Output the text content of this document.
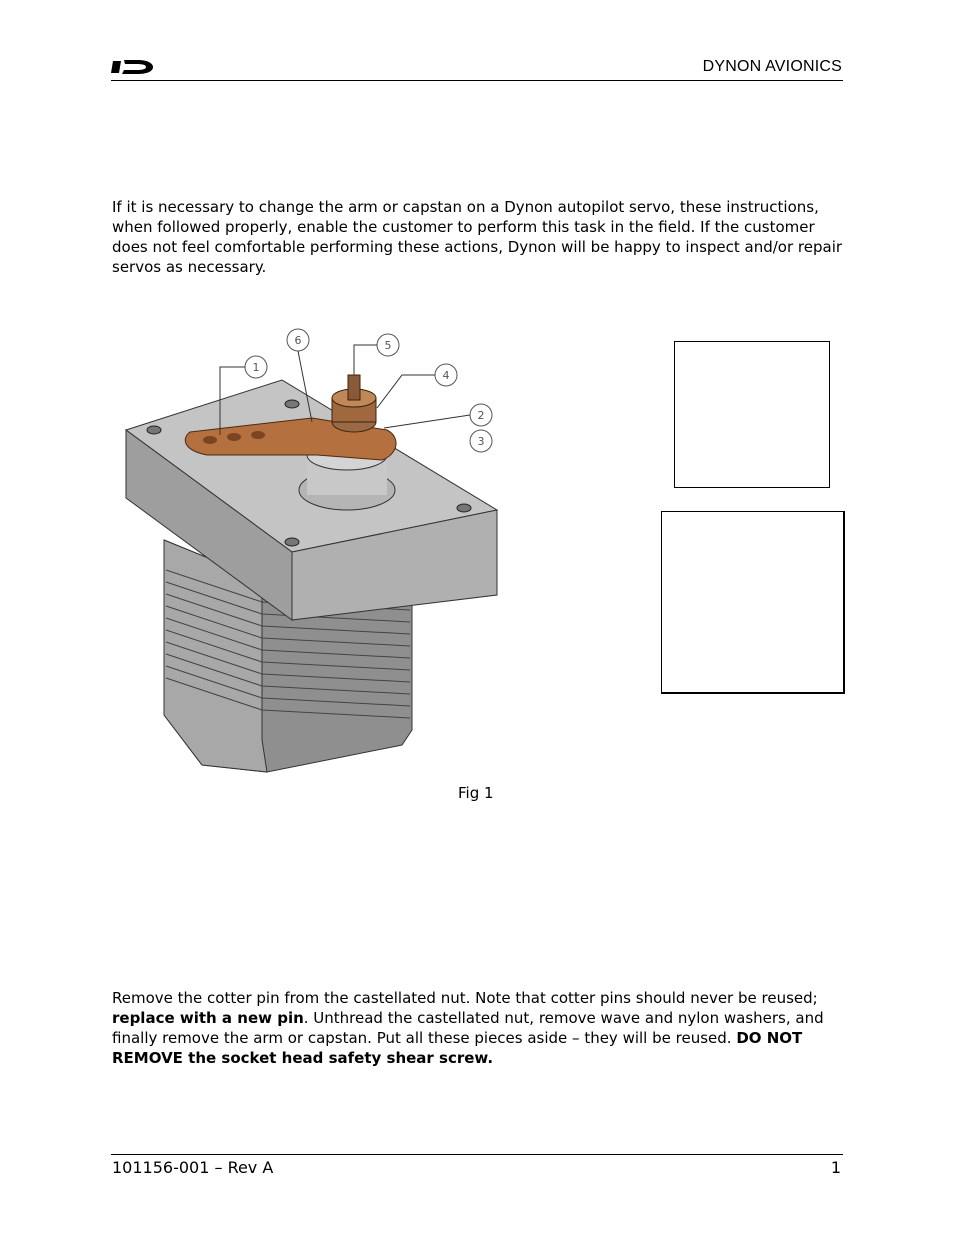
DYNON AVIONICS
If it is necessary to change the arm or capstan on a Dynon autopilot servo, these instructions, when followed properly, enable the customer to perform this task in the field. If the customer does not feel comfortable performing these actions, Dynon will be happy to inspect and/or repair servos as necessary.
1
6	5
4
2
3
Fig 1
Remove the cotter pin from the castellated nut. Note that cotter pins should never be reused; replace with a new pin. Unthread the castellated nut, remove wave and nylon washers, and finally remove the arm or capstan. Put all these pieces aside – they will be reused. DO NOT REMOVE the socket head safety shear screw.
101156-001 – Rev A	1
